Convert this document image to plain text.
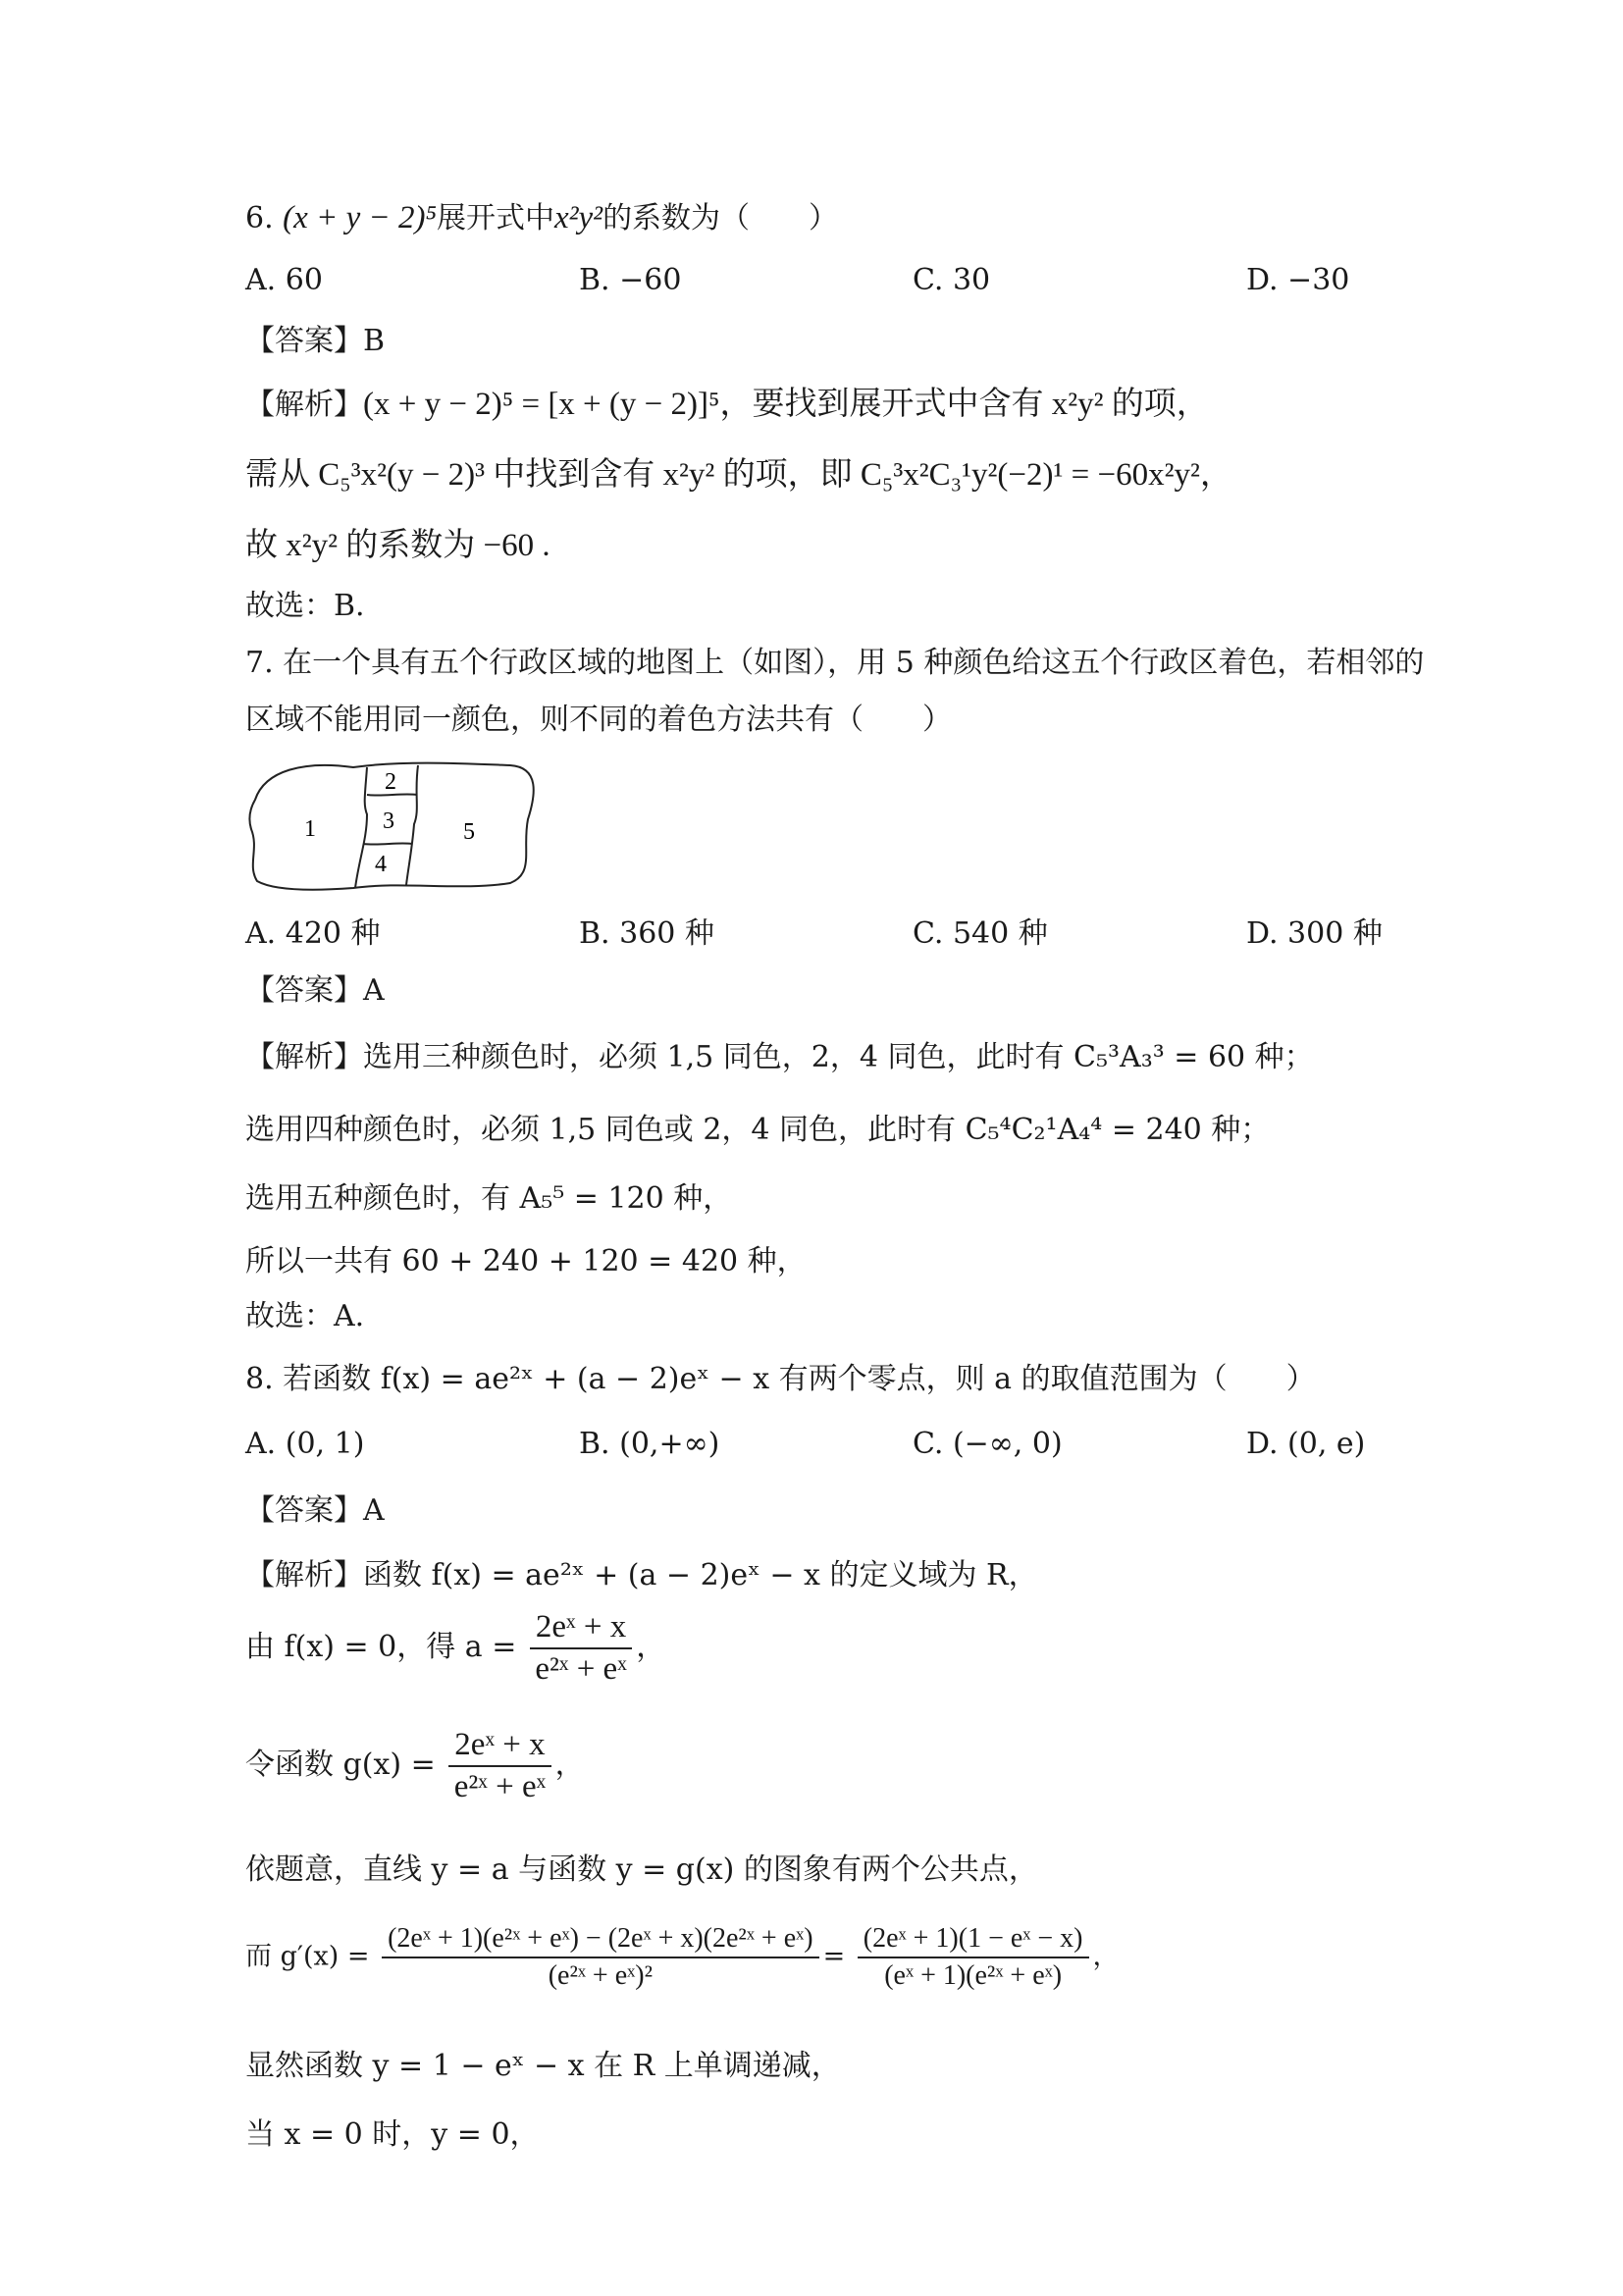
6. (x + y − 2)⁵展开式中x²y²的系数为（　　）
A. 60	B. −60	C. 30	D. −30
【答案】B
【解析】(x + y − 2)⁵ = [x + (y − 2)]⁵，要找到展开式中含有 x²y² 的项，
需从 C₅³x²(y − 2)³ 中找到含有 x²y² 的项，即 C₅³x²C₃¹y²(−2)¹ = −60x²y²，
故 x²y² 的系数为 −60 .
故选：B.
7. 在一个具有五个行政区域的地图上（如图），用 5 种颜色给这五个行政区着色，若相邻的
区域不能用同一颜色，则不同的着色方法共有（　　）
1
2
3
4
5
A. 420 种	B. 360 种	C. 540 种	D. 300 种
【答案】A
【解析】选用三种颜色时，必须 1,5 同色，2，4 同色，此时有 C₅³A₃³ = 60 种；
选用四种颜色时，必须 1,5 同色或 2，4 同色，此时有 C₅⁴C₂¹A₄⁴ = 240 种；
选用五种颜色时，有 A₅⁵ = 120 种，
所以一共有 60 + 240 + 120 = 420 种，
故选：A.
8. 若函数 f(x) = ae²ˣ + (a − 2)eˣ − x 有两个零点，则 a 的取值范围为（　　）
A. (0, 1)	B. (0,+∞)	C. (−∞, 0)	D. (0, e)
【答案】A
【解析】函数 f(x) = ae²ˣ + (a − 2)eˣ − x 的定义域为 R，
由 f(x) = 0，得 $a = \frac{\text{2eˣ + x}}{\text{e²ˣ + eˣ}}$ ，
令函数 $g(x) = \frac{\text{2eˣ + x}}{\text{e²ˣ + eˣ}}$ ，
依题意，直线 y = a 与函数 y = g(x) 的图象有两个公共点，
而 $g'(x) = \frac{\text{(2eˣ + 1)(e²ˣ + eˣ) − (2eˣ + x)(2e²ˣ + eˣ)}}{\text{(e²ˣ + eˣ)²}} = \frac{\text{(2eˣ + 1)(1 − eˣ − x)}}{\text{(eˣ + 1)(e²ˣ + eˣ)}}$ ，
显然函数 y = 1 − eˣ − x 在 R 上单调递减，
当 x = 0 时，y = 0，
